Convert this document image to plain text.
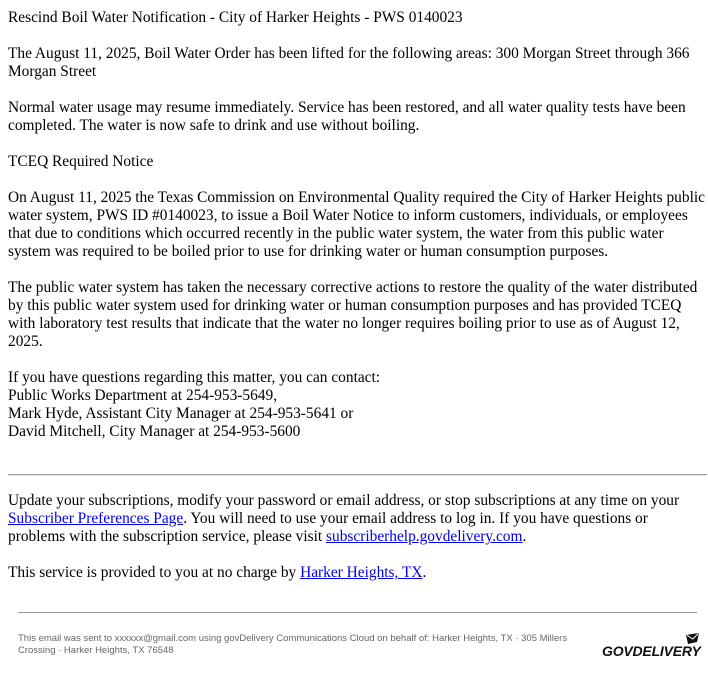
Rescind Boil Water Notification - City of Harker Heights - PWS 0140023

The August 11, 2025, Boil Water Order has been lifted for the following areas: 300 Morgan Street through 366 Morgan Street

Normal water usage may resume immediately. Service has been restored, and all water quality tests have been completed. The water is now safe to drink and use without boiling.

TCEQ Required Notice

On August 11, 2025 the Texas Commission on Environmental Quality required the City of Harker Heights public water system, PWS ID #0140023, to issue a Boil Water Notice to inform customers, individuals, or employees that due to conditions which occurred recently in the public water system, the water from this public water system was required to be boiled prior to use for drinking water or human consumption purposes.

The public water system has taken the necessary corrective actions to restore the quality of the water distributed by this public water system used for drinking water or human consumption purposes and has provided TCEQ with laboratory test results that indicate that the water no longer requires boiling prior to use as of August 12, 2025.

If you have questions regarding this matter, you can contact:
Public Works Department at 254-953-5649,
Mark Hyde, Assistant City Manager at 254-953-5641 or
David Mitchell, City Manager at 254-953-5600

Update your subscriptions, modify your password or email address, or stop subscriptions at any time on your Subscriber Preferences Page. You will need to use your email address to log in. If you have questions or problems with the subscription service, please visit subscriberhelp.govdelivery.com.

This service is provided to you at no charge by Harker Heights, TX.

This email was sent to xxxxxx@gmail.com using govDelivery Communications Cloud on behalf of: Harker Heights, TX · 305 Millers Crossing · Harker Heights, TX 76548	GOVDELIVERY
